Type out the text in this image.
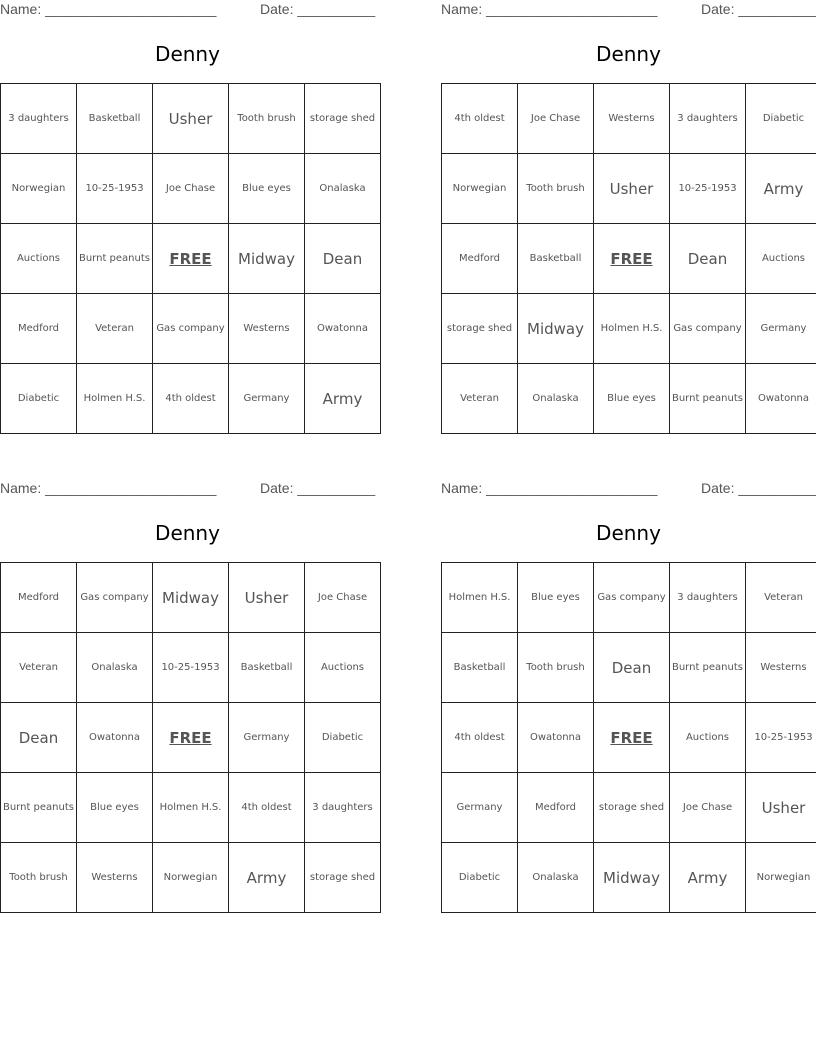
Name: ______________________	Date: __________
Denny
3 daughters	Basketball	Usher	Tooth brush	storage shed
Norwegian	10-25-1953	Joe Chase	Blue eyes	Onalaska
Auctions	Burnt peanuts	FREE	Midway	Dean
Medford	Veteran	Gas company	Westerns	Owatonna
Diabetic	Holmen H.S.	4th oldest	Germany	Army
Name: ______________________	Date: __________
Denny
4th oldest	Joe Chase	Westerns	3 daughters	Diabetic
Norwegian	Tooth brush	Usher	10-25-1953	Army
Medford	Basketball	FREE	Dean	Auctions
storage shed	Midway	Holmen H.S.	Gas company	Germany
Veteran	Onalaska	Blue eyes	Burnt peanuts	Owatonna
Name: ______________________	Date: __________
Denny
Medford	Gas company	Midway	Usher	Joe Chase
Veteran	Onalaska	10-25-1953	Basketball	Auctions
Dean	Owatonna	FREE	Germany	Diabetic
Burnt peanuts	Blue eyes	Holmen H.S.	4th oldest	3 daughters
Tooth brush	Westerns	Norwegian	Army	storage shed
Name: ______________________	Date: __________
Denny
Holmen H.S.	Blue eyes	Gas company	3 daughters	Veteran
Basketball	Tooth brush	Dean	Burnt peanuts	Westerns
4th oldest	Owatonna	FREE	Auctions	10-25-1953
Germany	Medford	storage shed	Joe Chase	Usher
Diabetic	Onalaska	Midway	Army	Norwegian
